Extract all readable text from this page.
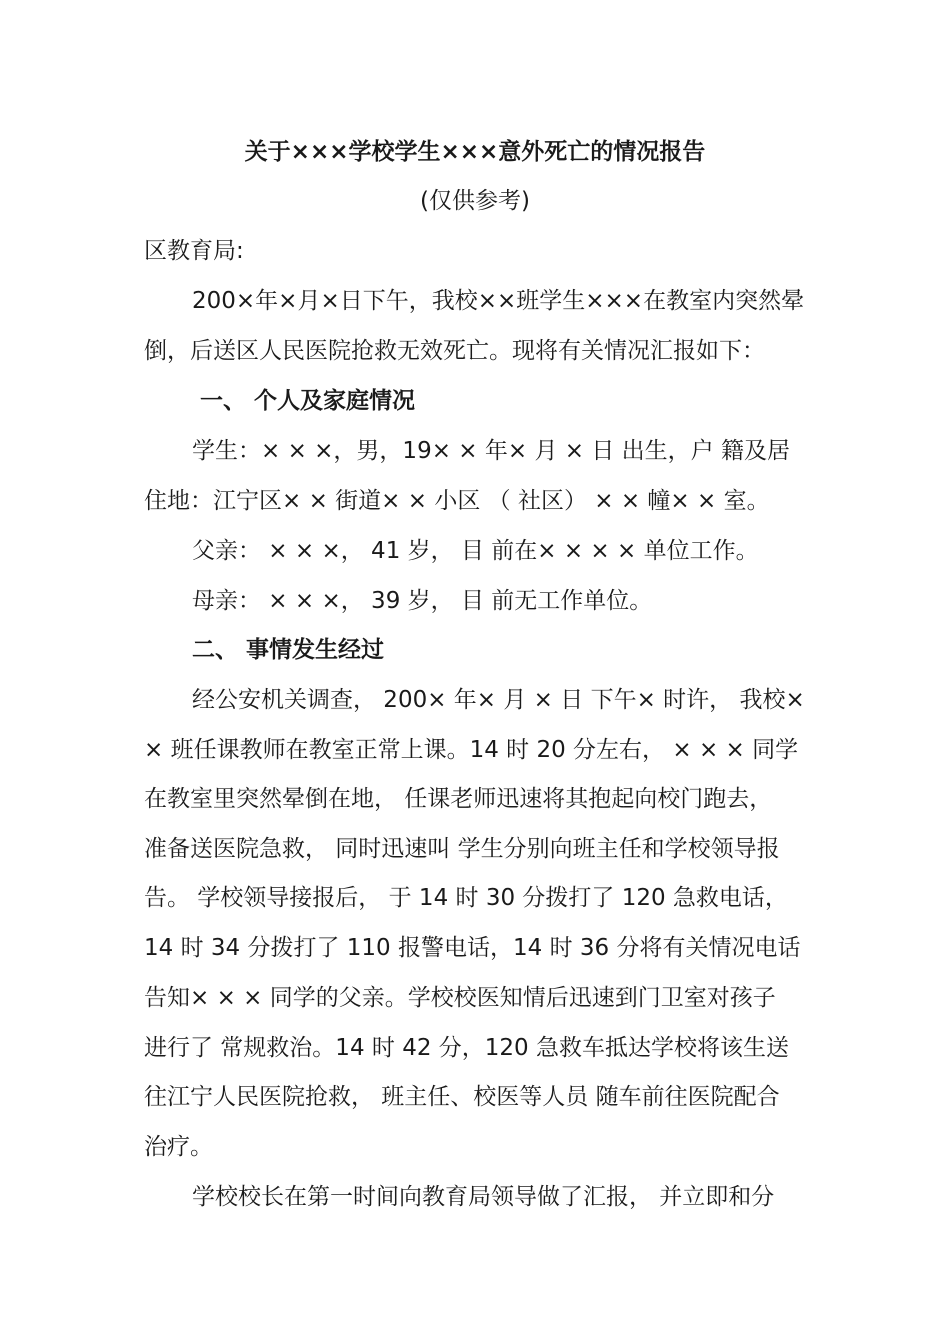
关于×××学校学生×××意外死亡的情况报告

(仅供参考)

区教育局:

200×年×月×日下午，我校××班学生×××在教室内突然晕

倒，后送区人民医院抢救无效死亡。现将有关情况汇报如下：

一、 个人及家庭情况

学生：× × ×，男，19× × 年× 月 × 日 出生，户 籍及居

住地：江宁区× × 街道× × 小区 （ 社区） × × 幢× × 室。

父亲： × × ×， 41 岁， 目 前在× × × × 单位工作。

母亲： × × ×， 39 岁， 目 前无工作单位。

二、 事情发生经过

经公安机关调查， 200× 年× 月 × 日 下午× 时许， 我校×

× 班任课教师在教室正常上课。14 时 20 分左右， × × × 同学

在教室里突然晕倒在地， 任课老师迅速将其抱起向校门跑去，

准备送医院急救， 同时迅速叫 学生分别向班主任和学校领导报

告。 学校领导接报后， 于 14 时 30 分拨打了 120 急救电话，

14 时 34 分拨打了 110 报警电话，14 时 36 分将有关情况电话

告知× × × 同学的父亲。学校校医知情后迅速到门卫室对孩子

进行了 常规救治。14 时 42 分，120 急救车抵达学校将该生送

往江宁人民医院抢救， 班主任、校医等人员 随车前往医院配合

治疗。

学校校长在第一时间向教育局领导做了汇报， 并立即和分
